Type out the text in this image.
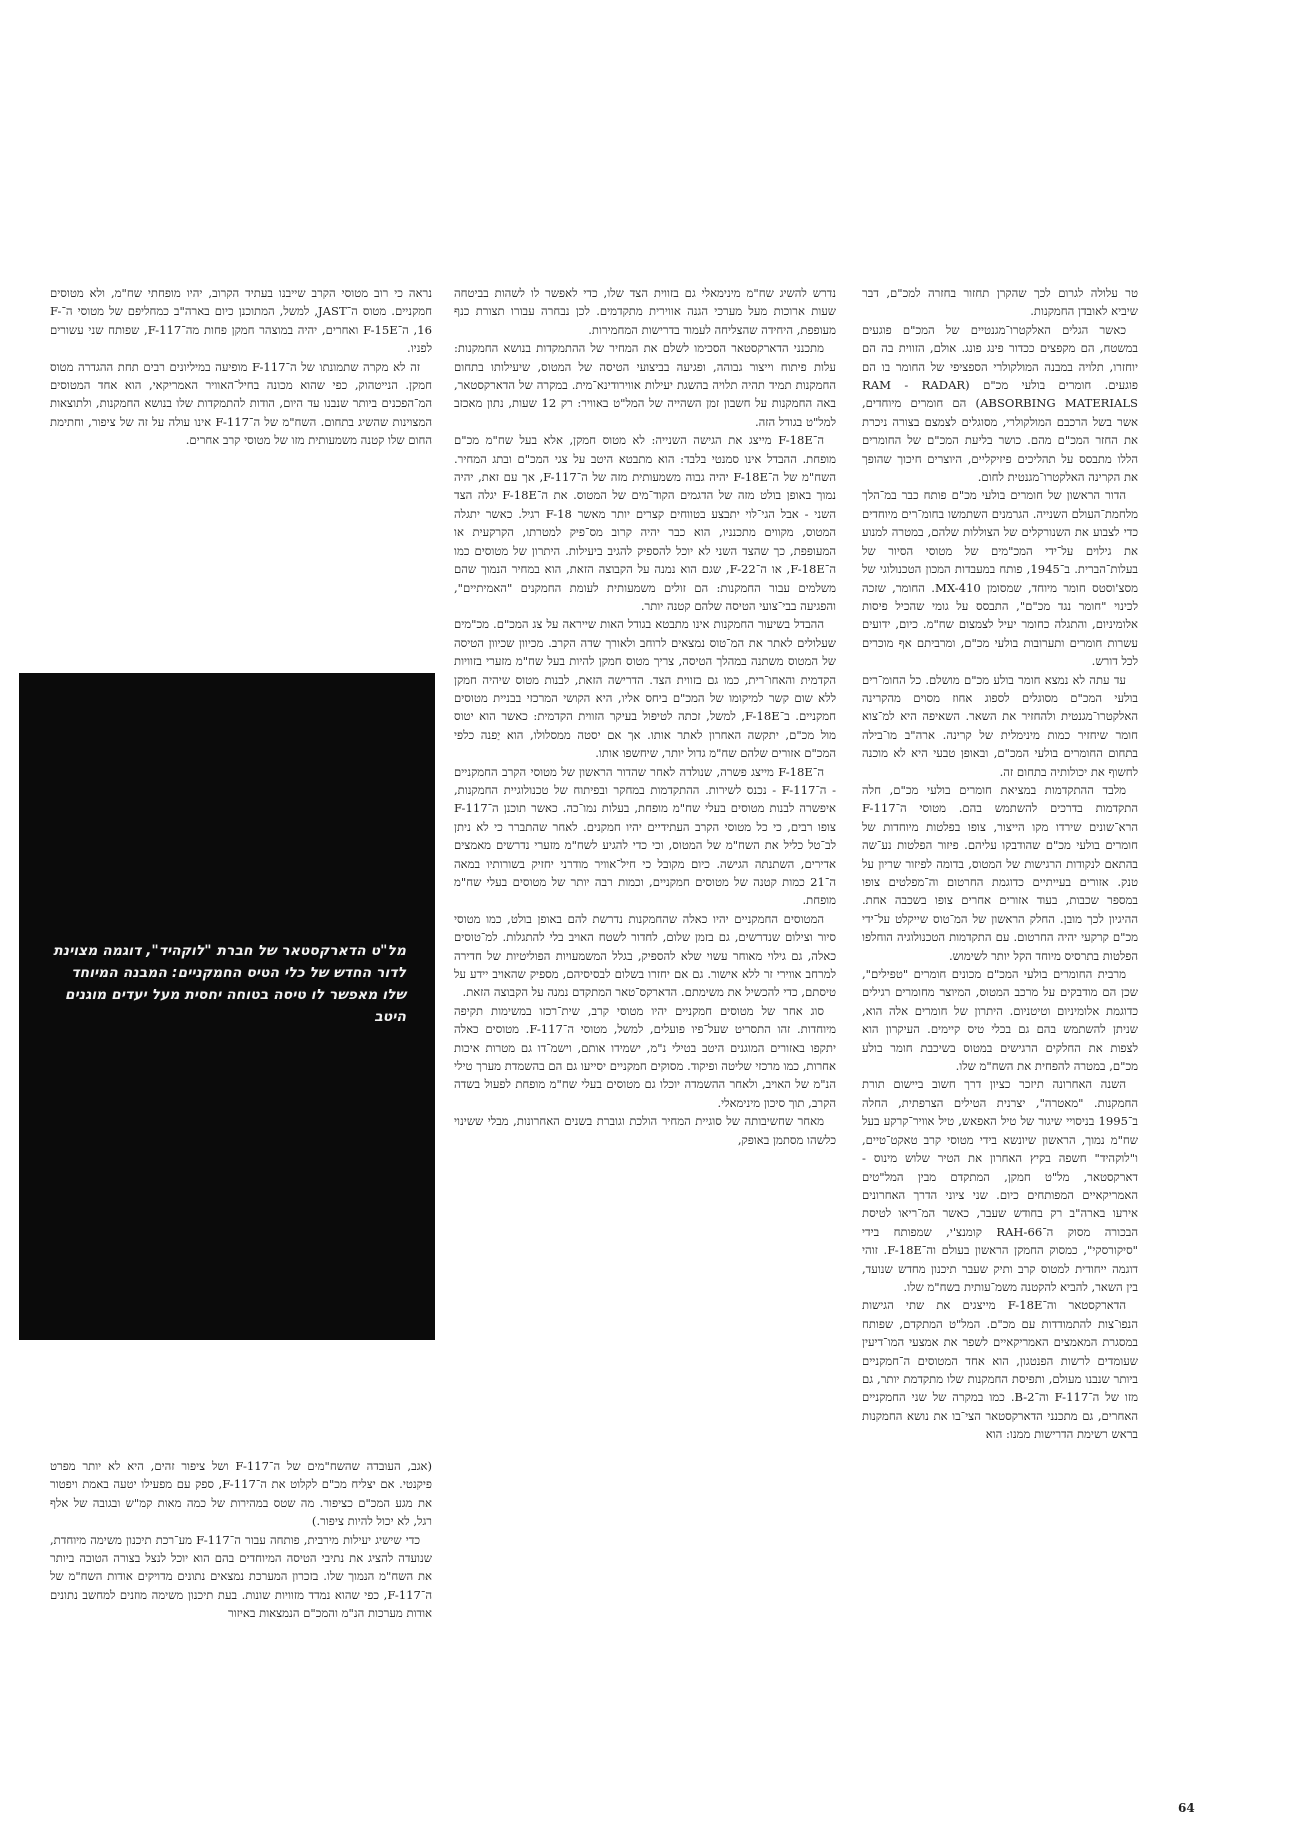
טר עלולה לגרום לכך שהקרן תחזור בחזרה למכ"ם, דבר שיביא לאובדן החמקנות.

כאשר הגלים האלקטרו־מגנטיים של המכ"ם פוגעים במשטח, הם מקפצים ככדור פינג פונג. אולם, הזווית בה הם יוחזרו, תלויה במבנה המולקולרי הספציפי של החומר בו הם פוגעים. חומרים בולעי מכ"ם (RAM - RADAR ABSORBING MATERIALS) הם חומרים מיוחדים, אשר בשל הרכבם המולקולרי, מסוגלים לצמצם בצורה ניכרת את החזר המכ"ם מהם. כושר בליעת המכ"ם של החומרים הללו מתבסס על תהליכים פיזיקליים, היוצרים חיכוך שהופך את הקרינה האלקטרו־מגנטית לחום.

הדור הראשון של חומרים בולעי מכ"ם פותח כבר במ־הלך מלחמת־העולם השנייה. הגרמנים השתמשו בחומ־רים מיוחדים כדי לצבוע את השנורקלים של הצוללות שלהם, במטרה למנוע את גילוים על־ידי המכ"מים של מטוסי הסיור של בעלות־הברית. ב־1945, פותח במעבדות המכון הטכנולוגי של מסצ'וסטס חומר מיוחד, שמסומן MX-410. החומר, שזכה לכינוי "חומר נגד מכ"ם", התבסס על גומי שהכיל פיסות אלומיניום, והתגלה כחומר יעיל לצמצום שח"מ. כיום, ידועים עשרות חומרים ותערובות בולעי מכ"ם, ומרביתם אף מוכרים לכל דורש.

עד עתה לא נמצא חומר בולע מכ"ם מושלם. כל החומ־רים בולעי המכ"ם מסוגלים לספוג אחוז מסוים מהקרינה האלקטרו־מגנטית ולהחזיר את השאר. השאיפה היא למ־צוא חומר שיחזיר כמות מינימלית של קרינה. ארה"ב מו־בילה בתחום החומרים בולעי המכ"ם, ובאופן טבעי היא לא מוכנה לחשוף את יכולותיה בתחום זה.

מלבד ההתקדמות במציאת חומרים בולעי מכ"ם, חלה התקדמות בדרכים להשתמש בהם. מטוסי ה־F-117 הרא־שונים שירדו מקו הייצור, צופו בפלטות מיוחדות של חומרים בולעי מכ"ם שהודבקו עליהם. פיזור הפלטות נע־שה בהתאם לנקודות הרגישות של המטוס, בדומה לפיזור שריון על טנק. אזורים בעייתיים כדוגמת החרטום וה־מפלטים צופו במספר שכבות, בעוד אזורים אחרים צופו בשכבה אחת. ההיגיון לכך מובן. החלק הראשון של המ־טוס שייקלט על־ידי מכ"ם קרקעי יהיה החרטום. עם התקדמות הטכנולוגיה הוחלפו הפלטות בתרסיס מיוחד הקל יותר לשימוש.

מרבית החומרים בולעי המכ"ם מכונים חומרים "טפילים", שכן הם מודבקים על מרכב המטוס, המיוצר מחומרים רגילים כדוגמת אלומיניום וטיטניום. היתרון של חומרים אלה הוא, שניתן להשתמש בהם גם בכלי טיס קיימים. העיקרון הוא לצפות את החלקים הרגישים במטוס בשיכבת חומר בולע מכ"ם, במטרה להפחית את השח"מ שלו.

השנה האחרונה תיזכר כציון דרך חשוב ביישום תורת החמקנות. "מאטרה", יצרנית הטילים הצרפתית, החלה ב־1995 בניסויי שיגור של טיל האפאש, טיל אוויר־קרקע בעל שח"מ נמוך, הראשון שיונשא בידי מטוסי קרב טאקט־טיים, ו"לוקהיד" חשפה בקיץ האחרון את הטיר שלוש מינוס - דארקסטאר, מל"ט חמקן, המתקדם מבין המל"טים האמריקאיים המפותחים כיום. שני ציוני הדרך האחרונים אירעו בארה"ב רק בחודש שעבר, כאשר המ־ריאו לטיסת הבכורה מסוק ה־RAH-66 קומנצ'י, שמפותח בידי "סיקורסקי", כמסוק החמקן הראשון בעולם וה־F-18E. זוהי דוגמה ייחודית למטוס קרב ותיק שעבר תיכנון מחדש שנועד, בין השאר, להביא להקטנה משמ־עותית בשח"מ שלו.

הדארקסטאר וה־F-18E מייצגים את שתי הגישות הנפו־צות להתמודדות עם מכ"ם. המל"ט המתקדם, שפותח במסגרת המאמצים האמריקאיים לשפר את אמצעי המו־דיעין שעומדים לרשות הפנטגון, הוא אחד המטוסים ה־חמקניים ביותר שנבנו מעולם, ותפיסת החמקנות שלו מתקדמת יותר, גם מזו של ה־F-117 וה־B-2. כמו במקרה של שני החמקניים האחרים, גם מתכנני הדארקסטאר הצי־בו את נושא החמקנות בראש רשימת הדרישות ממנו: הוא

נדרש להשיג שח"מ מינימאלי גם בזווית הצד שלו, כדי לאפשר לו לשהות בביטחה שעות ארוכות מעל מערכי הגנה אווירית מתקדמים. לכן נבחרה עבורו תצורת כנף מעופפת, היחידה שהצליחה לעמוד בדרישות המחמירות.

מתכנני הדארקסטאר הסכימו לשלם את המחיר של ההתמקדות בנושא החמקנות: עלות פיתוח וייצור גבוהה, ופגיעה בביצועי הטיסה של המטוס, שיעילותו בתחום החמקנות תמיד תהיה תלויה בהשגת יעילות אווירודינא־מית. במקרה של הדארקסטאר, באה החמקנות על חשבון זמן השהייה של המל"ט באוויר: רק 12 שעות, נתון מאכזב למל"ט בגודל הזה.

ה־F-18E מייצג את הגישה השנייה: לא מטוס חמקן, אלא בעל שח"מ מכ"ם מופחת. ההבדל אינו סמנטי בלבד: הוא מתבטא היטב על צגי המכ"ם ובתג המחיר. השח"מ של ה־F-18E יהיה גבוה משמעותית מזה של ה־F-117, אך עם זאת, יהיה נמוך באופן בולט מזה של הדגמים הקוד־מים של המטוס. את ה־F-18E יגלה הצד השני - אבל הגי־לוי יתבצע בטווחים קצרים יותר מאשר F-18 רגיל. כאשר יתגלה המטוס, מקווים מתכנניו, הוא כבר יהיה קרוב מס־פיק למטרתו, הקרקעית או המעופפת, כך שהצד השני לא יוכל להספיק להגיב ביעילות. היתרון של מטוסים כמו ה־F-18E, או ה־F-22, שגם הוא נמנה על הקבוצה הזאת, הוא במחיר הנמוך שהם משלמים עבור החמקנות: הם זולים משמעותית לעומת החמקנים "האמיתיים", והפגיעה בבי־צועי הטיסה שלהם קטנה יותר.

ההבדל בשיעור החמקנות אינו מתבטא בגודל האות שייראה על צג המכ"ם. מכ"מים שעלולים לאתר את המ־טוס נמצאים לרוחב ולאורך שדה הקרב. מכיוון שכיוון הטיסה של המטוס משתנה במהלך הטיסה, צריך מטוס חמקן להיות בעל שח"מ מזערי בזוויות הקדמית והאחו־רית, כמו גם בזווית הצד. הדרישה הזאת, לבנות מטוס שיהיה חמקן ללא שום קשר למיקומו של המכ"ם ביחס אליו, היא הקושי המרכזי בבניית מטוסים חמקניים. ב־F-18E, למשל, זכתה לטיפול בעיקר הזווית הקדמית: כאשר הוא יטוס מול מכ"ם, יתקשה האחרון לאתר אותו. אך אם יסטה ממסלולו, הוא יַפנה כלפי המכ"ם אזורים שלהם שח"מ גדול יותר, שיחשפו אותו.

ה־F-18E מייצג פשרה, שנולדה לאחר שהדור הראשון של מטוסי הקרב החמקניים - ה־F-117 - נכנס לשירות. ההתקדמות במחקר ובפיתוח של טכנולוגיית החמקנות, איפשרה לבנות מטוסים בעלי שח"מ מופחת, בעלות נמו־כה. כאשר תוכנן ה־F-117 צופו רבים, כי כל מטוסי הקרב העתידיים יהיו חמקנים. לאחר שהתברר כי לא ניתן לב־טל כליל את השח"מ של המטוס, וכי כדי להגיע לשח"מ מזערי נדרשים מאמצים אדירים, השתנתה הגישה. כיום מקובל כי חיל־אוויר מודרני יחזיק בשורותיו במאה ה־21 כמות קטנה של מטוסים חמקניים, וכמות רבה יותר של מטוסים בעלי שח"מ מופחת.

המטוסים החמקניים יהיו כאלה שהחמקנות נדרשת להם באופן בולט, כמו מטוסי סיור וצילום שנדרשים, גם בזמן שלום, לחדור לשטח האויב בלי להתגלות. למ־טוסים כאלה, גם גילוי מאוחר עשוי שלא להספיק, בגלל המשמעויות הפוליטיות של חדירה למרחב אווירי זר ללא אישור. גם אם יחזרו בשלום לבסיסיהם, מספיק שהאויב יידע על טיסתם, כדי להכשיל את משימתם. הדארקס־טאר המתקדם נמנה על הקבוצה הזאת.

סוג אחר של מטוסים חמקניים יהיו מטוסי קרב, שית־רכזו במשימות תקיפה מיוחדות. זהו התסריט שעל־פיו פועלים, למשל, מטוסי ה־F-117. מטוסים כאלה יתקפו באזורים המוגנים היטב בטילי נ"מ, ישמידו אותם, וישמ־דו גם מטרות איכות אחרות, כמו מרכזי שליטה ופיקוד. מסוקים חמקניים יסייעו גם הם בהשמדת מערך טילי הנ"מ של האויב, ולאחר ההשמדה יוכלו גם מטוסים בעלי שח"מ מופחת לפעול בשדה הקרב, תוך סיכון מינימאלי.

מאחר שחשיבותה של סוגיית המחיר הולכת וגוברת בשנים האחרונות, מבלי ששינוי כלשהו מסתמן באופק,

נראה כי רוב מטוסי הקרב שייבנו בעתיד הקרוב, יהיו מופחתי שח"מ, ולא מטוסים חמקניים. מטוס ה־JAST, למשל, המתוכנן כיום בארה"ב כמחליפם של מטוסי ה־F-16, ה־F-15E ואחרים, יהיה במוצהר חמקן פחות מה־F-117, שפותח שני עשורים לפניו.

זה לא מקרה שתמונתו של ה־F-117 מופיעה במיליונים רבים תחת ההגדרה מטוס חמקן. הנייטהוק, כפי שהוא מכונה בחיל־האוויר האמריקאי, הוא אחד המטוסים המ־הפכנים ביותר שנבנו עד היום, הודות להתמקדות שלו בנושא החמקנות, ולתוצאות המצוינות שהשיג בתחום. השח"מ של ה־F-117 אינו עולה על זה של ציפור, וחתימת החום שלו קטנה משמעותית מזו של מטוסי קרב אחרים.

מל"ט הדארקסטאר של חברת "לוקהיד", דוגמה מצוינת לדור החדש של כלי הטיס החמקניים: המבנה המיוחד שלו מאפשר לו טיסה בטוחה יחסית מעל יעדים מוגנים היטב

(אגב, העובדה שהשח"מים של ה־F-117 ושל ציפור זהים, היא לא יותר מפרט פיקנטי. אם יצליח מכ"ם לקלוט את ה־F-117, ספק עם מפעילו יטעה באמת ויפטור את מגע המכ"ם כציפור. מה שטס במהירות של כמה מאות קמ"ש ובגובה של אלף רגל, לא יכול להיות ציפור.)

כדי שישיג יעילות מירבית, פותחה עבור ה־F-117 מע־רכת תיכנון משימה מיוחדת, שנועדה להציג את נתיבי הטיסה המיוחדים בהם הוא יוכל לנצל בצורה הטובה ביותר את השח"מ הנמוך שלו. בזכרון המערכת נמצאים נתונים מדויקים אודות השח"מ של ה־F-117, כפי שהוא נמדד מזוויות שונות. בעת תיכנון משימה מוזנים למחשב נתונים אודות מערכות הנ"מ והמכ"ם הנמצאות באיזור

64
